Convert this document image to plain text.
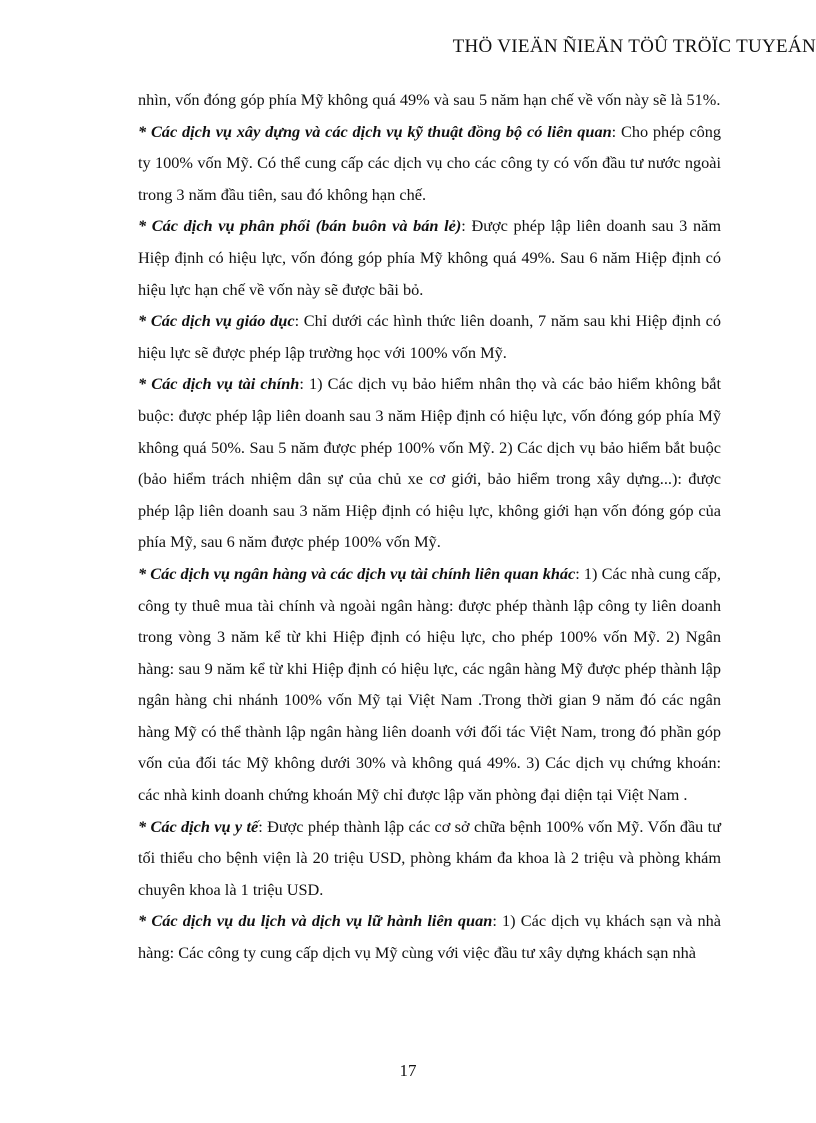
THÖ VIEÄN ÑIEÄN TÖÛ TRÖÏC TUYEÁN

nhìn, vốn đóng góp phía Mỹ không quá 49% và sau 5 năm hạn chế về vốn này sẽ là 51%.

* Các dịch vụ xây dựng và các dịch vụ kỹ thuật đồng bộ có liên quan: Cho phép công ty 100% vốn Mỹ. Có thể cung cấp các dịch vụ cho các công ty có vốn đầu tư nước ngoài trong 3 năm đầu tiên, sau đó không hạn chế.

* Các dịch vụ phân phối (bán buôn và bán lẻ): Được phép lập liên doanh sau 3 năm Hiệp định có hiệu lực, vốn đóng góp phía Mỹ không quá 49%. Sau 6 năm Hiệp định có hiệu lực hạn chế về vốn này sẽ được bãi bỏ.

* Các dịch vụ giáo dục: Chỉ dưới các hình thức liên doanh, 7 năm sau khi Hiệp định có hiệu lực sẽ được phép lập trường học với 100% vốn Mỹ.

* Các dịch vụ tài chính: 1) Các dịch vụ bảo hiểm nhân thọ và các bảo hiểm không bắt buộc: được phép lập liên doanh sau 3 năm Hiệp định có hiệu lực, vốn đóng góp phía Mỹ không quá 50%. Sau 5 năm được phép 100% vốn Mỹ. 2) Các dịch vụ bảo hiểm bắt buộc (bảo hiểm trách nhiệm dân sự của chủ xe cơ giới, bảo hiểm trong xây dựng...): được phép lập liên doanh sau 3 năm Hiệp định có hiệu lực, không giới hạn vốn đóng góp của phía Mỹ, sau 6 năm được phép 100% vốn Mỹ.

* Các dịch vụ ngân hàng và các dịch vụ tài chính liên quan khác: 1) Các nhà cung cấp, công ty thuê mua tài chính và ngoài ngân hàng: được phép thành lập công ty liên doanh trong vòng 3 năm kể từ khi Hiệp định có hiệu lực, cho phép 100% vốn Mỹ. 2) Ngân hàng: sau 9 năm kể từ khi Hiệp định có hiệu lực, các ngân hàng Mỹ được phép thành lập ngân hàng chi nhánh 100% vốn Mỹ tại Việt Nam .Trong thời gian 9 năm đó các ngân hàng Mỹ có thể thành lập ngân hàng liên doanh với đối tác Việt Nam, trong đó phần góp vốn của đối tác Mỹ không dưới 30% và không quá 49%. 3) Các dịch vụ chứng khoán: các nhà kinh doanh chứng khoán Mỹ chỉ được lập văn phòng đại diện tại Việt Nam .

* Các dịch vụ y tế: Được phép thành lập các cơ sở chữa bệnh 100% vốn Mỹ. Vốn đầu tư tối thiểu cho bệnh viện là 20 triệu USD, phòng khám đa khoa là 2 triệu và phòng khám chuyên khoa là 1 triệu USD.

* Các dịch vụ du lịch và dịch vụ lữ hành liên quan: 1) Các dịch vụ khách sạn và nhà hàng: Các công ty cung cấp dịch vụ Mỹ cùng với việc đầu tư xây dựng khách sạn nhà

17
